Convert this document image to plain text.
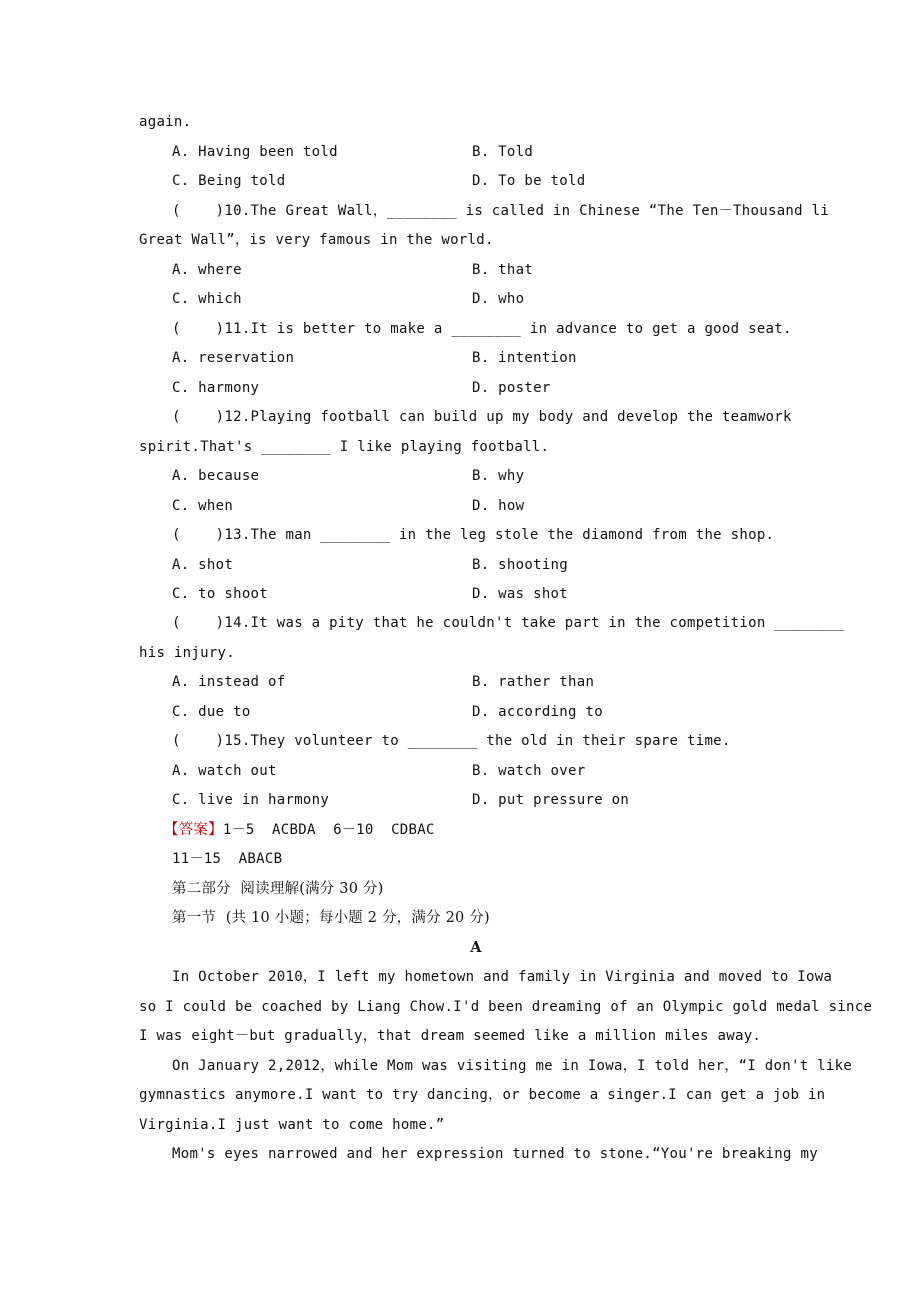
again.
A. Having been told	B. Told
C. Being told	D. To be told
(    )10.The Great Wall，________ is called in Chinese “The Ten－Thousand li
Great Wall”，is very famous in the world.
A. where	B. that
C. which	D. who
(    )11.It is better to make a ________ in advance to get a good seat.
A. reservation	B. intention
C. harmony	D. poster
(    )12.Playing football can build up my body and develop the teamwork
spirit.That's ________ I like playing football.
A. because	B. why
C. when	D. how
(    )13.The man ________ in the leg stole the diamond from the shop.
A. shot	B. shooting
C. to shoot	D. was shot
(    )14.It was a pity that he couldn't take part in the competition ________
his injury.
A. instead of	B. rather than
C. due to	D. according to
(    )15.They volunteer to ________ the old in their spare time.
A. watch out	B. watch over
C. live in harmony	D. put pressure on
【答案】1－5  ACBDA  6－10  CDBAC
11－15  ABACB
第二部分  阅读理解(满分 30 分)
第一节  (共 10 小题；每小题 2 分，满分 20 分)
A
In October 2010，I left my hometown and family in Virginia and moved to Iowa
so I could be coached by Liang Chow.I'd been dreaming of an Olympic gold medal since
I was eight－but gradually，that dream seemed like a million miles away.
On January 2,2012，while Mom was visiting me in Iowa，I told her，“I don't like
gymnastics anymore.I want to try dancing，or become a singer.I can get a job in
Virginia.I just want to come home.”
Mom's eyes narrowed and her expression turned to stone.“You're breaking my
